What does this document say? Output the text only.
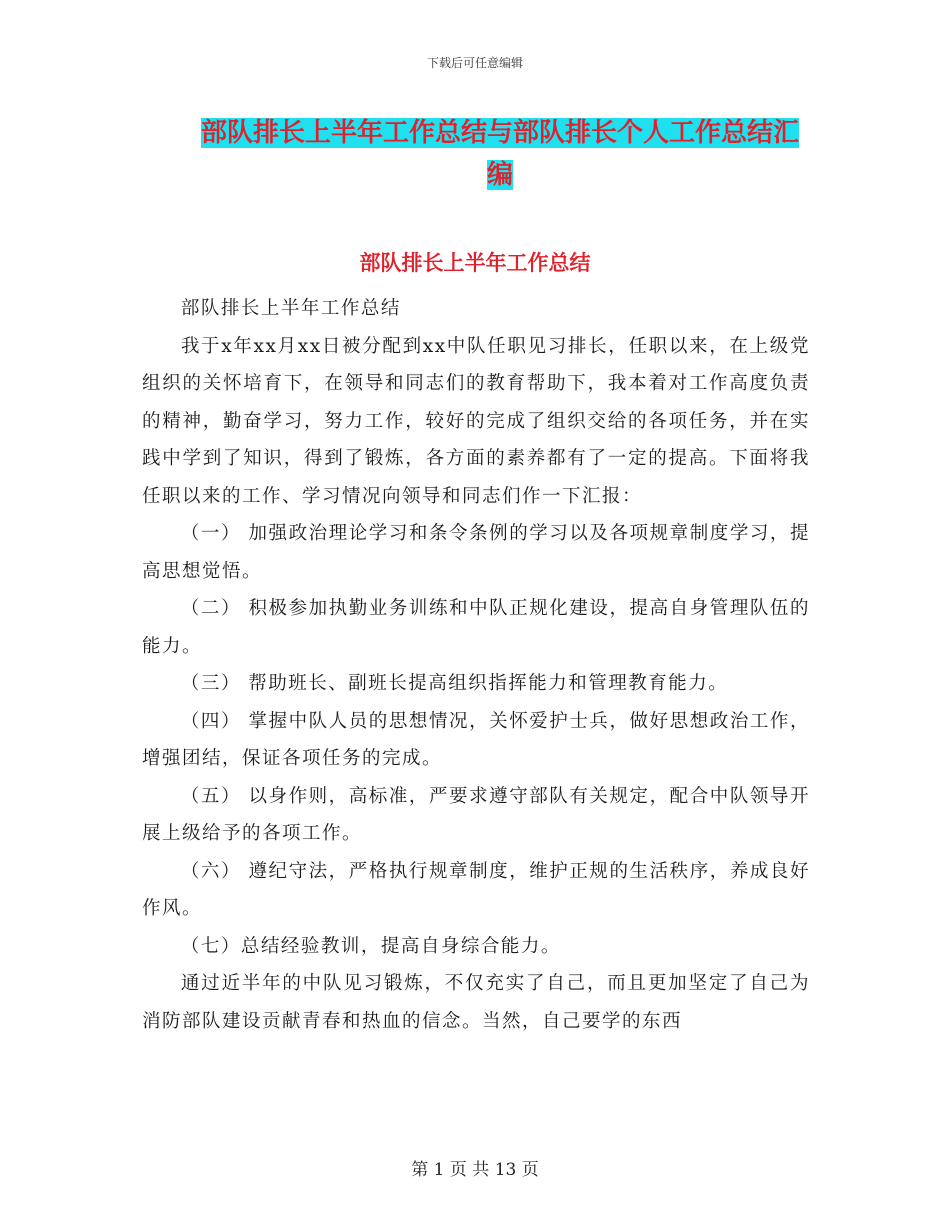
下载后可任意编辑
部队排长上半年工作总结与部队排长个人工作总结汇
编
部队排长上半年工作总结

部队排长上半年工作总结

我于x年xx月xx日被分配到xx中队任职见习排长，任职以来，在上级党组织的关怀培育下，在领导和同志们的教育帮助下，我本着对工作高度负责的精神，勤奋学习，努力工作，较好的完成了组织交给的各项任务，并在实践中学到了知识，得到了锻炼，各方面的素养都有了一定的提高。下面将我任职以来的工作、学习情况向领导和同志们作一下汇报：

（一） 加强政治理论学习和条令条例的学习以及各项规章制度学习，提高思想觉悟。

（二） 积极参加执勤业务训练和中队正规化建设，提高自身管理队伍的能力。

（三） 帮助班长、副班长提高组织指挥能力和管理教育能力。

（四） 掌握中队人员的思想情况，关怀爱护士兵，做好思想政治工作，增强团结，保证各项任务的完成。

（五） 以身作则，高标准，严要求遵守部队有关规定，配合中队领导开展上级给予的各项工作。

（六） 遵纪守法，严格执行规章制度，维护正规的生活秩序，养成良好作风。

（七）总结经验教训，提高自身综合能力。

通过近半年的中队见习锻炼，不仅充实了自己，而且更加坚定了自己为消防部队建设贡献青春和热血的信念。当然，自己要学的东西

第 1 页 共 13 页
